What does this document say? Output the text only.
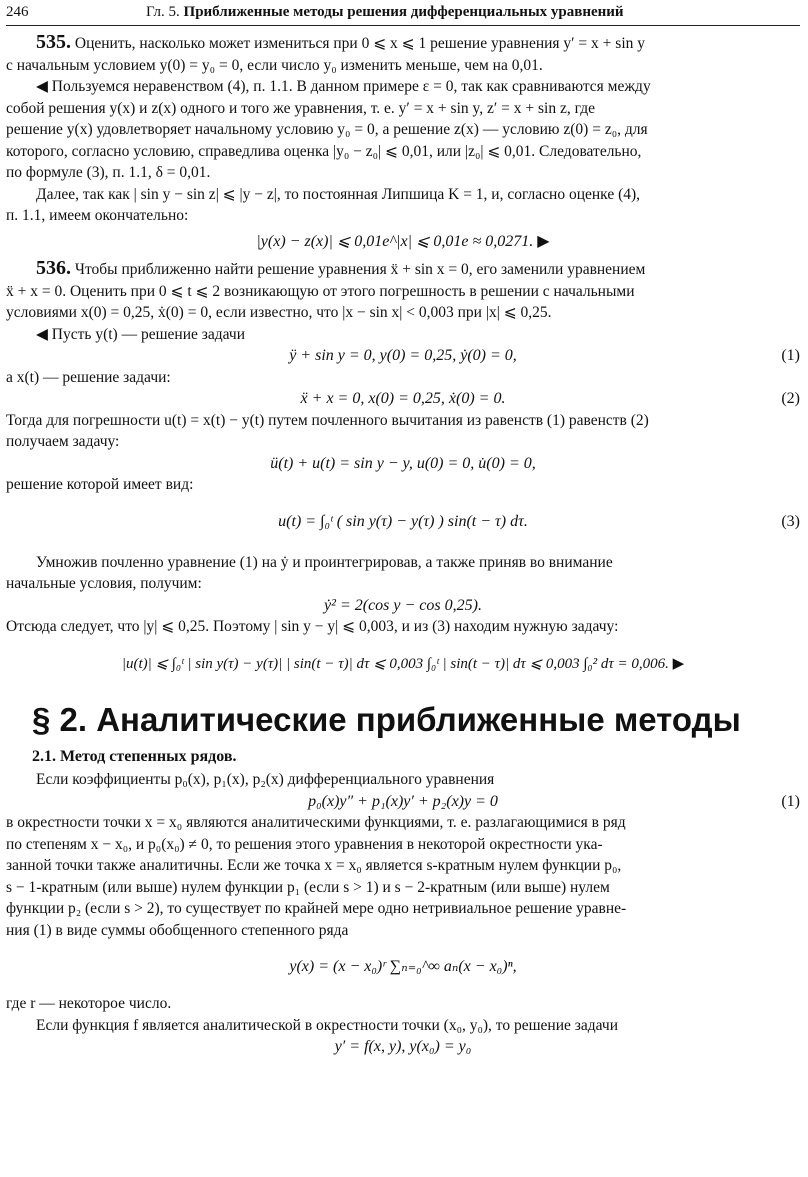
246	Гл. 5. Приближенные методы решения дифференциальных уравнений

535. Оценить, насколько может измениться при 0 ⩽ x ⩽ 1 решение уравнения y′ = x + sin y

с начальным условием y(0) = y₀ = 0, если число y₀ изменить меньше, чем на 0,01.

◀ Пользуемся неравенством (4), п. 1.1. В данном примере ε = 0, так как сравниваются между

собой решения y(x) и z(x) одного и того же уравнения, т. е. y′ = x + sin y, z′ = x + sin z, где

решение y(x) удовлетворяет начальному условию y₀ = 0, а решение z(x) — условию z(0) = z₀, для

которого, согласно условию, справедлива оценка |y₀ − z₀| ⩽ 0,01, или |z₀| ⩽ 0,01. Следовательно,

по формуле (3), п. 1.1, δ = 0,01.

Далее, так как | sin y − sin z| ⩽ |y − z|, то постоянная Липшица K = 1, и, согласно оценке (4),

п. 1.1, имеем окончательно:

|y(x) − z(x)| ⩽ 0,01e^|x| ⩽ 0,01e ≈ 0,0271. ▶

536. Чтобы приближенно найти решение уравнения ẍ + sin x = 0, его заменили уравнением

ẍ + x = 0. Оценить при 0 ⩽ t ⩽ 2 возникающую от этого погрешность в решении с начальными

условиями x(0) = 0,25, ẋ(0) = 0, если известно, что |x − sin x| < 0,003 при |x| ⩽ 0,25.

◀ Пусть y(t) — решение задачи

ÿ + sin y = 0, y(0) = 0,25, ẏ(0) = 0,	(1)

а x(t) — решение задачи:

ẍ + x = 0, x(0) = 0,25, ẋ(0) = 0.	(2)

Тогда для погрешности u(t) = x(t) − y(t) путем почленного вычитания из равенств (1) равенств (2)

получаем задачу:

ü(t) + u(t) = sin y − y, u(0) = 0, u̇(0) = 0,

решение которой имеет вид:

u(t) = ∫₀ᵗ ( sin y(τ) − y(τ) ) sin(t − τ) dτ.	(3)

Умножив почленно уравнение (1) на ẏ и проинтегрировав, а также приняв во внимание

начальные условия, получим:

ẏ² = 2(cos y − cos 0,25).

Отсюда следует, что |y| ⩽ 0,25. Поэтому | sin y − y| ⩽ 0,003, и из (3) находим нужную задачу:

|u(t)| ⩽ ∫₀ᵗ | sin y(τ) − y(τ)| | sin(t − τ)| dτ ⩽ 0,003 ∫₀ᵗ | sin(t − τ)| dτ ⩽ 0,003 ∫₀² dτ = 0,006. ▶
§ 2. Аналитические приближенные методы
2.1. Метод степенных рядов.

Если коэффициенты p₀(x), p₁(x), p₂(x) дифференциального уравнения

p₀(x)y″ + p₁(x)y′ + p₂(x)y = 0	(1)

в окрестности точки x = x₀ являются аналитическими функциями, т. е. разлагающимися в ряд

по степеням x − x₀, и p₀(x₀) ≠ 0, то решения этого уравнения в некоторой окрестности ука-

занной точки также аналитичны. Если же точка x = x₀ является s-кратным нулем функции p₀,

s − 1-кратным (или выше) нулем функции p₁ (если s > 1) и s − 2-кратным (или выше) нулем

функции p₂ (если s > 2), то существует по крайней мере одно нетривиальное решение уравне-

ния (1) в виде суммы обобщенного степенного ряда

y(x) = (x − x₀)ʳ ∑ₙ₌₀^∞ aₙ(x − x₀)ⁿ,

где r — некоторое число.

Если функция f является аналитической в окрестности точки (x₀, y₀), то решение задачи

y′ = f(x, y), y(x₀) = y₀
